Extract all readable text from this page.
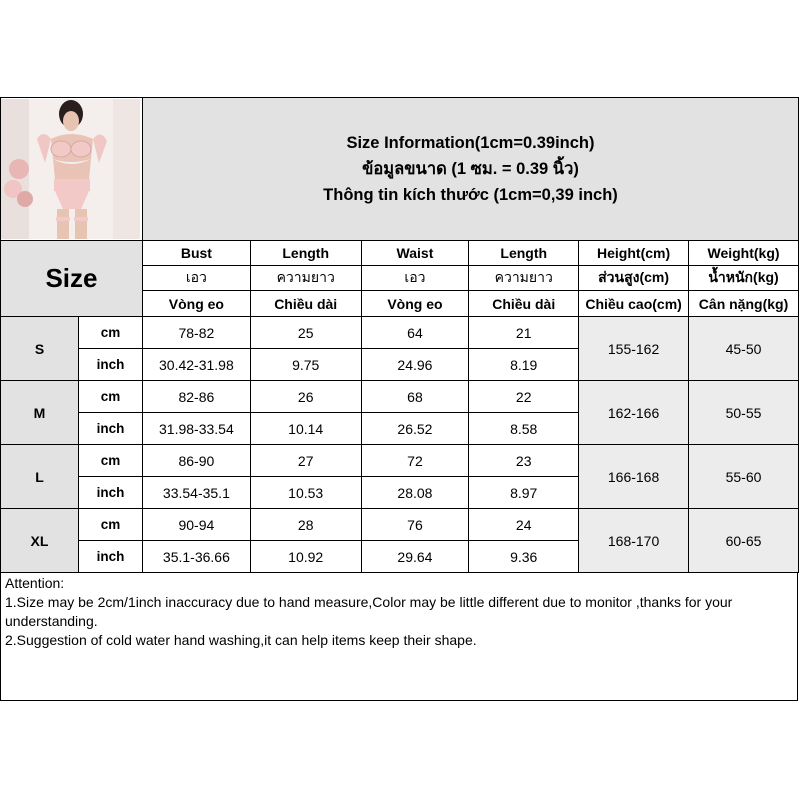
Size Information(1cm=0.39inch)
ข้อมูลขนาด (1 ซม. = 0.39 นิ้ว)
Thông tin kích thước (1cm=0,39 inch)					

Size		Bust	Length	Waist	Length	Height(cm)	Weight(kg)
		เอว	ความยาว	เอว	ความยาว	ส่วนสูง(cm)	น้ำหนัก(kg)
		Vòng eo	Chiều dài	Vòng eo	Chiều dài	Chiều cao(cm)	Cân nặng(kg)
S	cm	78-82	25	64	21	155-162	45-50
	inch	30.42-31.98	9.75	24.96	8.19		
M	cm	82-86	26	68	22	162-166	50-55
	inch	31.98-33.54	10.14	26.52	8.58		
L	cm	86-90	27	72	23	166-168	55-60
	inch	33.54-35.1	10.53	28.08	8.97		
XL	cm	90-94	28	76	24	168-170	60-65
	inch	35.1-36.66	10.92	29.64	9.36		

Attention:

1.Size may be 2cm/1inch inaccuracy due to hand measure,Color may be little different due to monitor ,thanks for your understanding.

2.Suggestion of cold water hand washing,it can help items keep their shape.
